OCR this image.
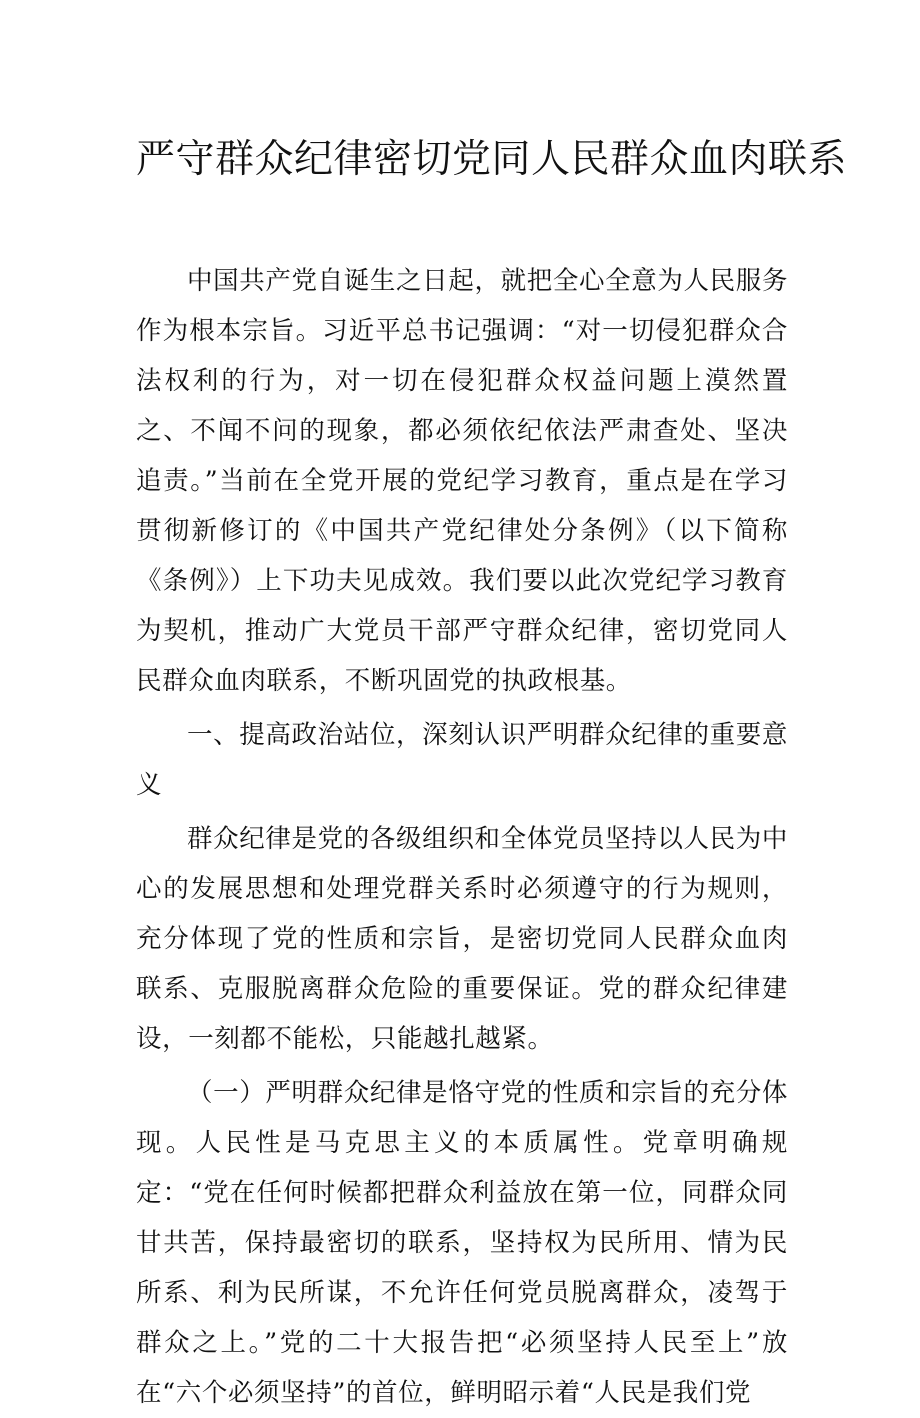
严守群众纪律密切党同人民群众血肉联系

中国共产党自诞生之日起，就把全心全意为人民服务作为根本宗旨。习近平总书记强调：“对一切侵犯群众合法权利的行为，对一切在侵犯群众权益问题上漠然置之、不闻不问的现象，都必须依纪依法严肃查处、坚决追责。”当前在全党开展的党纪学习教育，重点是在学习贯彻新修订的《中国共产党纪律处分条例》（以下简称《条例》）上下功夫见成效。我们要以此次党纪学习教育为契机，推动广大党员干部严守群众纪律，密切党同人民群众血肉联系，不断巩固党的执政根基。

一、提高政治站位，深刻认识严明群众纪律的重要意义

群众纪律是党的各级组织和全体党员坚持以人民为中心的发展思想和处理党群关系时必须遵守的行为规则，充分体现了党的性质和宗旨，是密切党同人民群众血肉联系、克服脱离群众危险的重要保证。党的群众纪律建设，一刻都不能松，只能越扎越紧。

（一）严明群众纪律是恪守党的性质和宗旨的充分体现。人民性是马克思主义的本质属性。党章明确规定：“党在任何时候都把群众利益放在第一位，同群众同甘共苦，保持最密切的联系，坚持权为民所用、情为民所系、利为民所谋，不允许任何党员脱离群众，凌驾于群众之上。”党的二十大报告把“必须坚持人民至上”放在“六个必须坚持”的首位，鲜明昭示着“人民是我们党
